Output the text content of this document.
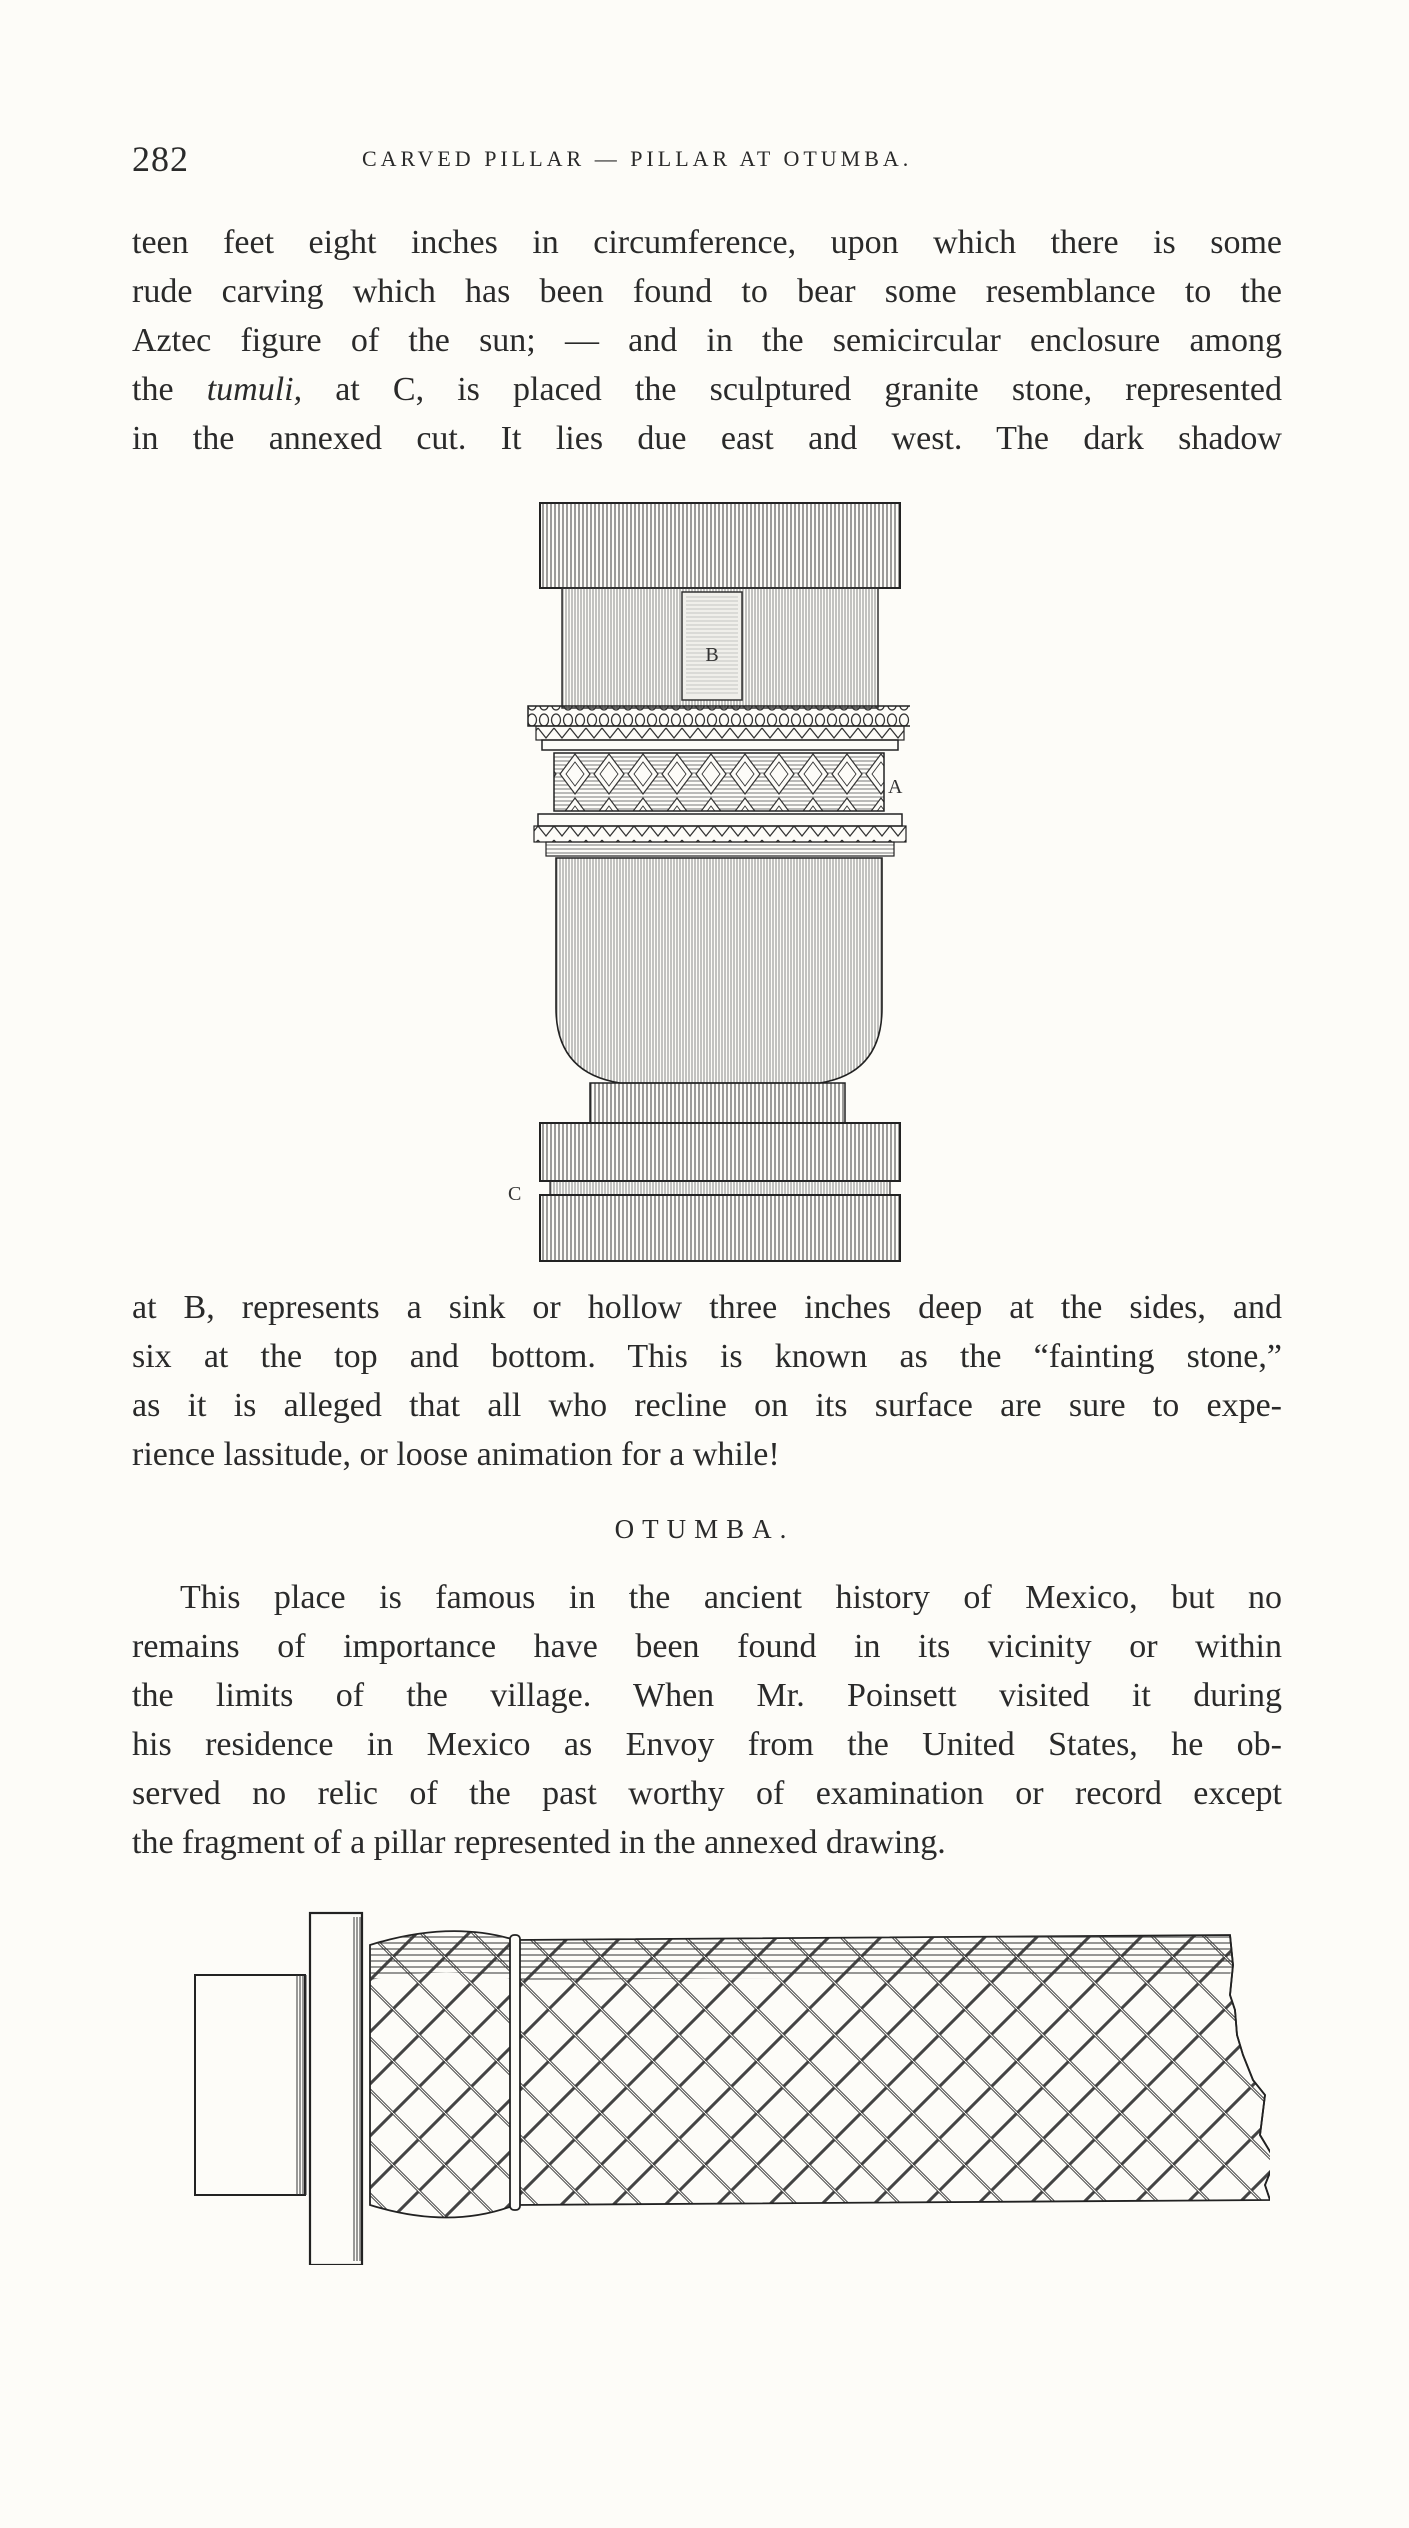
282	CARVED PILLAR — PILLAR AT OTUMBA.
teen feet eight inches in circumference, upon which there is some
rude carving which has been found to bear some resemblance to the
Aztec figure of the sun; — and in the semicircular enclosure among
the tumuli, at C, is placed the sculptured granite stone, represented
in the annexed cut. It lies due east and west. The dark shadow
B
A
C
at B, represents a sink or hollow three inches deep at the sides, and
six at the top and bottom. This is known as the “fainting stone,”
as it is alleged that all who recline on its surface are sure to expe-
rience lassitude, or loose animation for a while!
OTUMBA.
This place is famous in the ancient history of Mexico, but no
remains of importance have been found in its vicinity or within
the limits of the village. When Mr. Poinsett visited it during
his residence in Mexico as Envoy from the United States, he ob-
served no relic of the past worthy of examination or record except
the fragment of a pillar represented in the annexed drawing.
